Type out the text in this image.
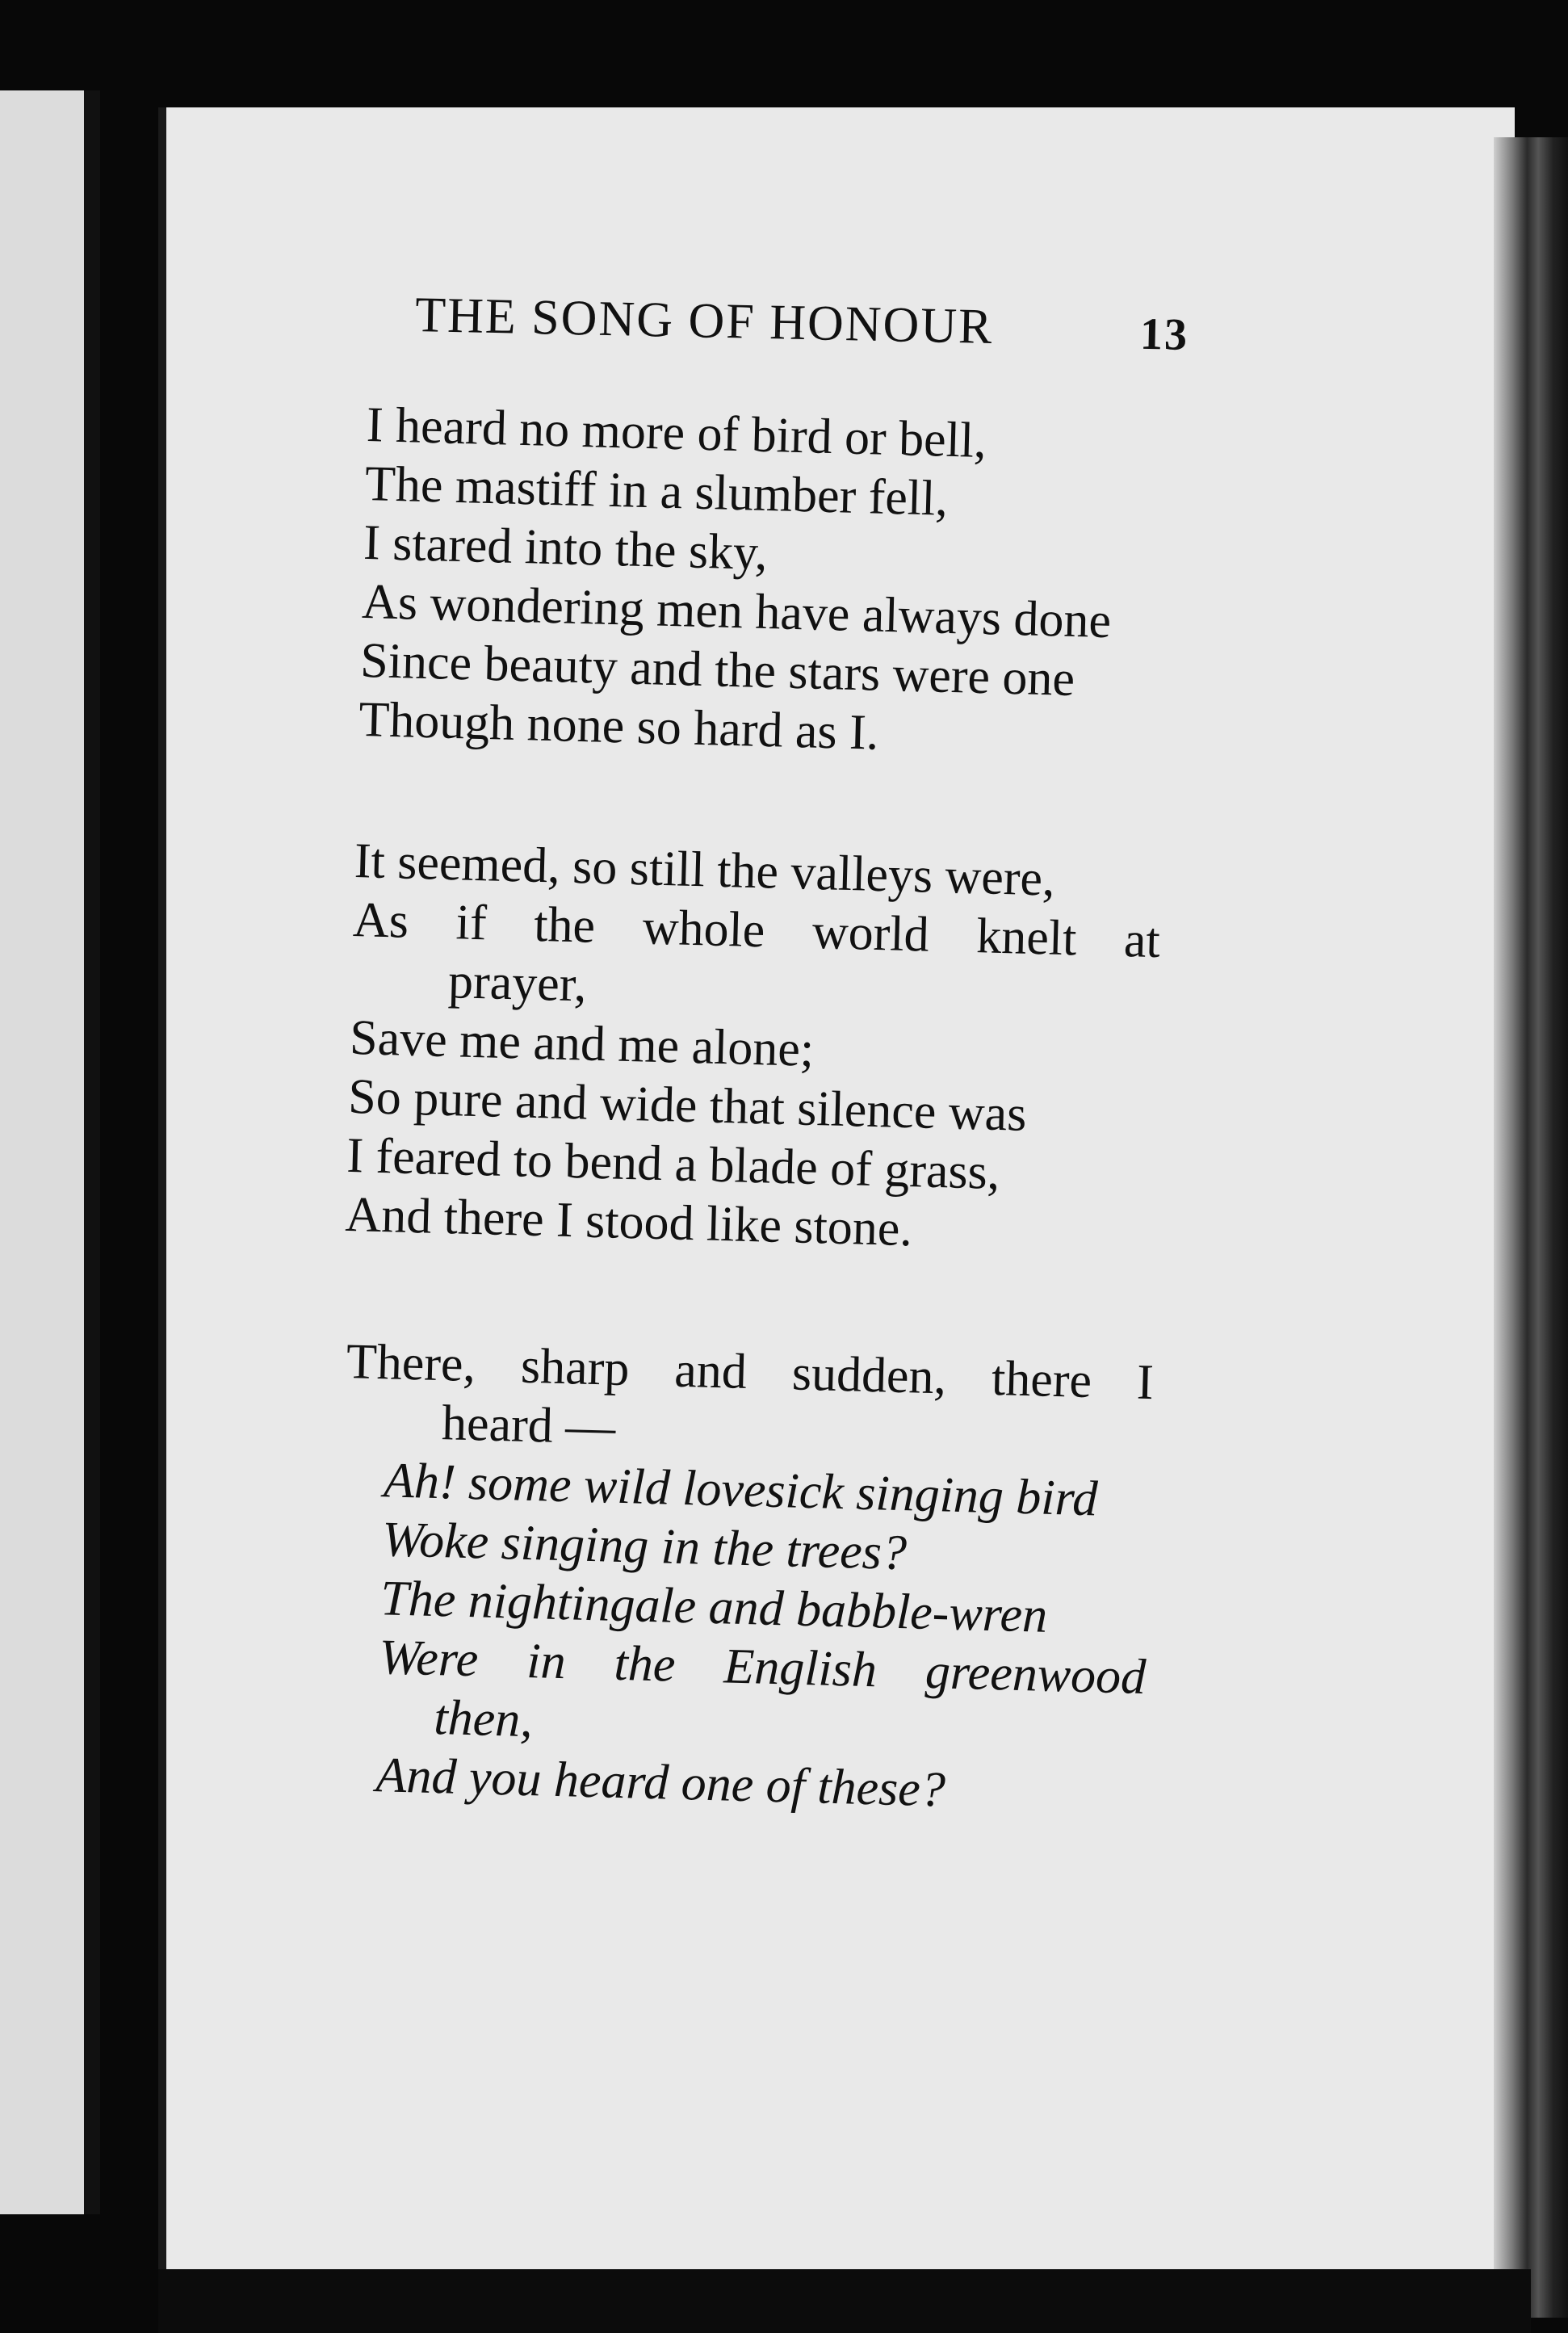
THE SONG OF HONOUR	13
I heard no more of bird or bell,
The mastiff in a slumber fell,
I stared into the sky,
As wondering men have always done
Since beauty and the stars were one
Though none so hard as I.
It seemed, so still the valleys were,
As if the whole world knelt at
prayer,
Save me and me alone;
So pure and wide that silence was
I feared to bend a blade of grass,
And there I stood like stone.
There, sharp and sudden, there I
heard —
Ah! some wild lovesick singing bird
Woke singing in the trees?
The nightingale and babble-wren
Were in the English greenwood
then,
And you heard one of these?
